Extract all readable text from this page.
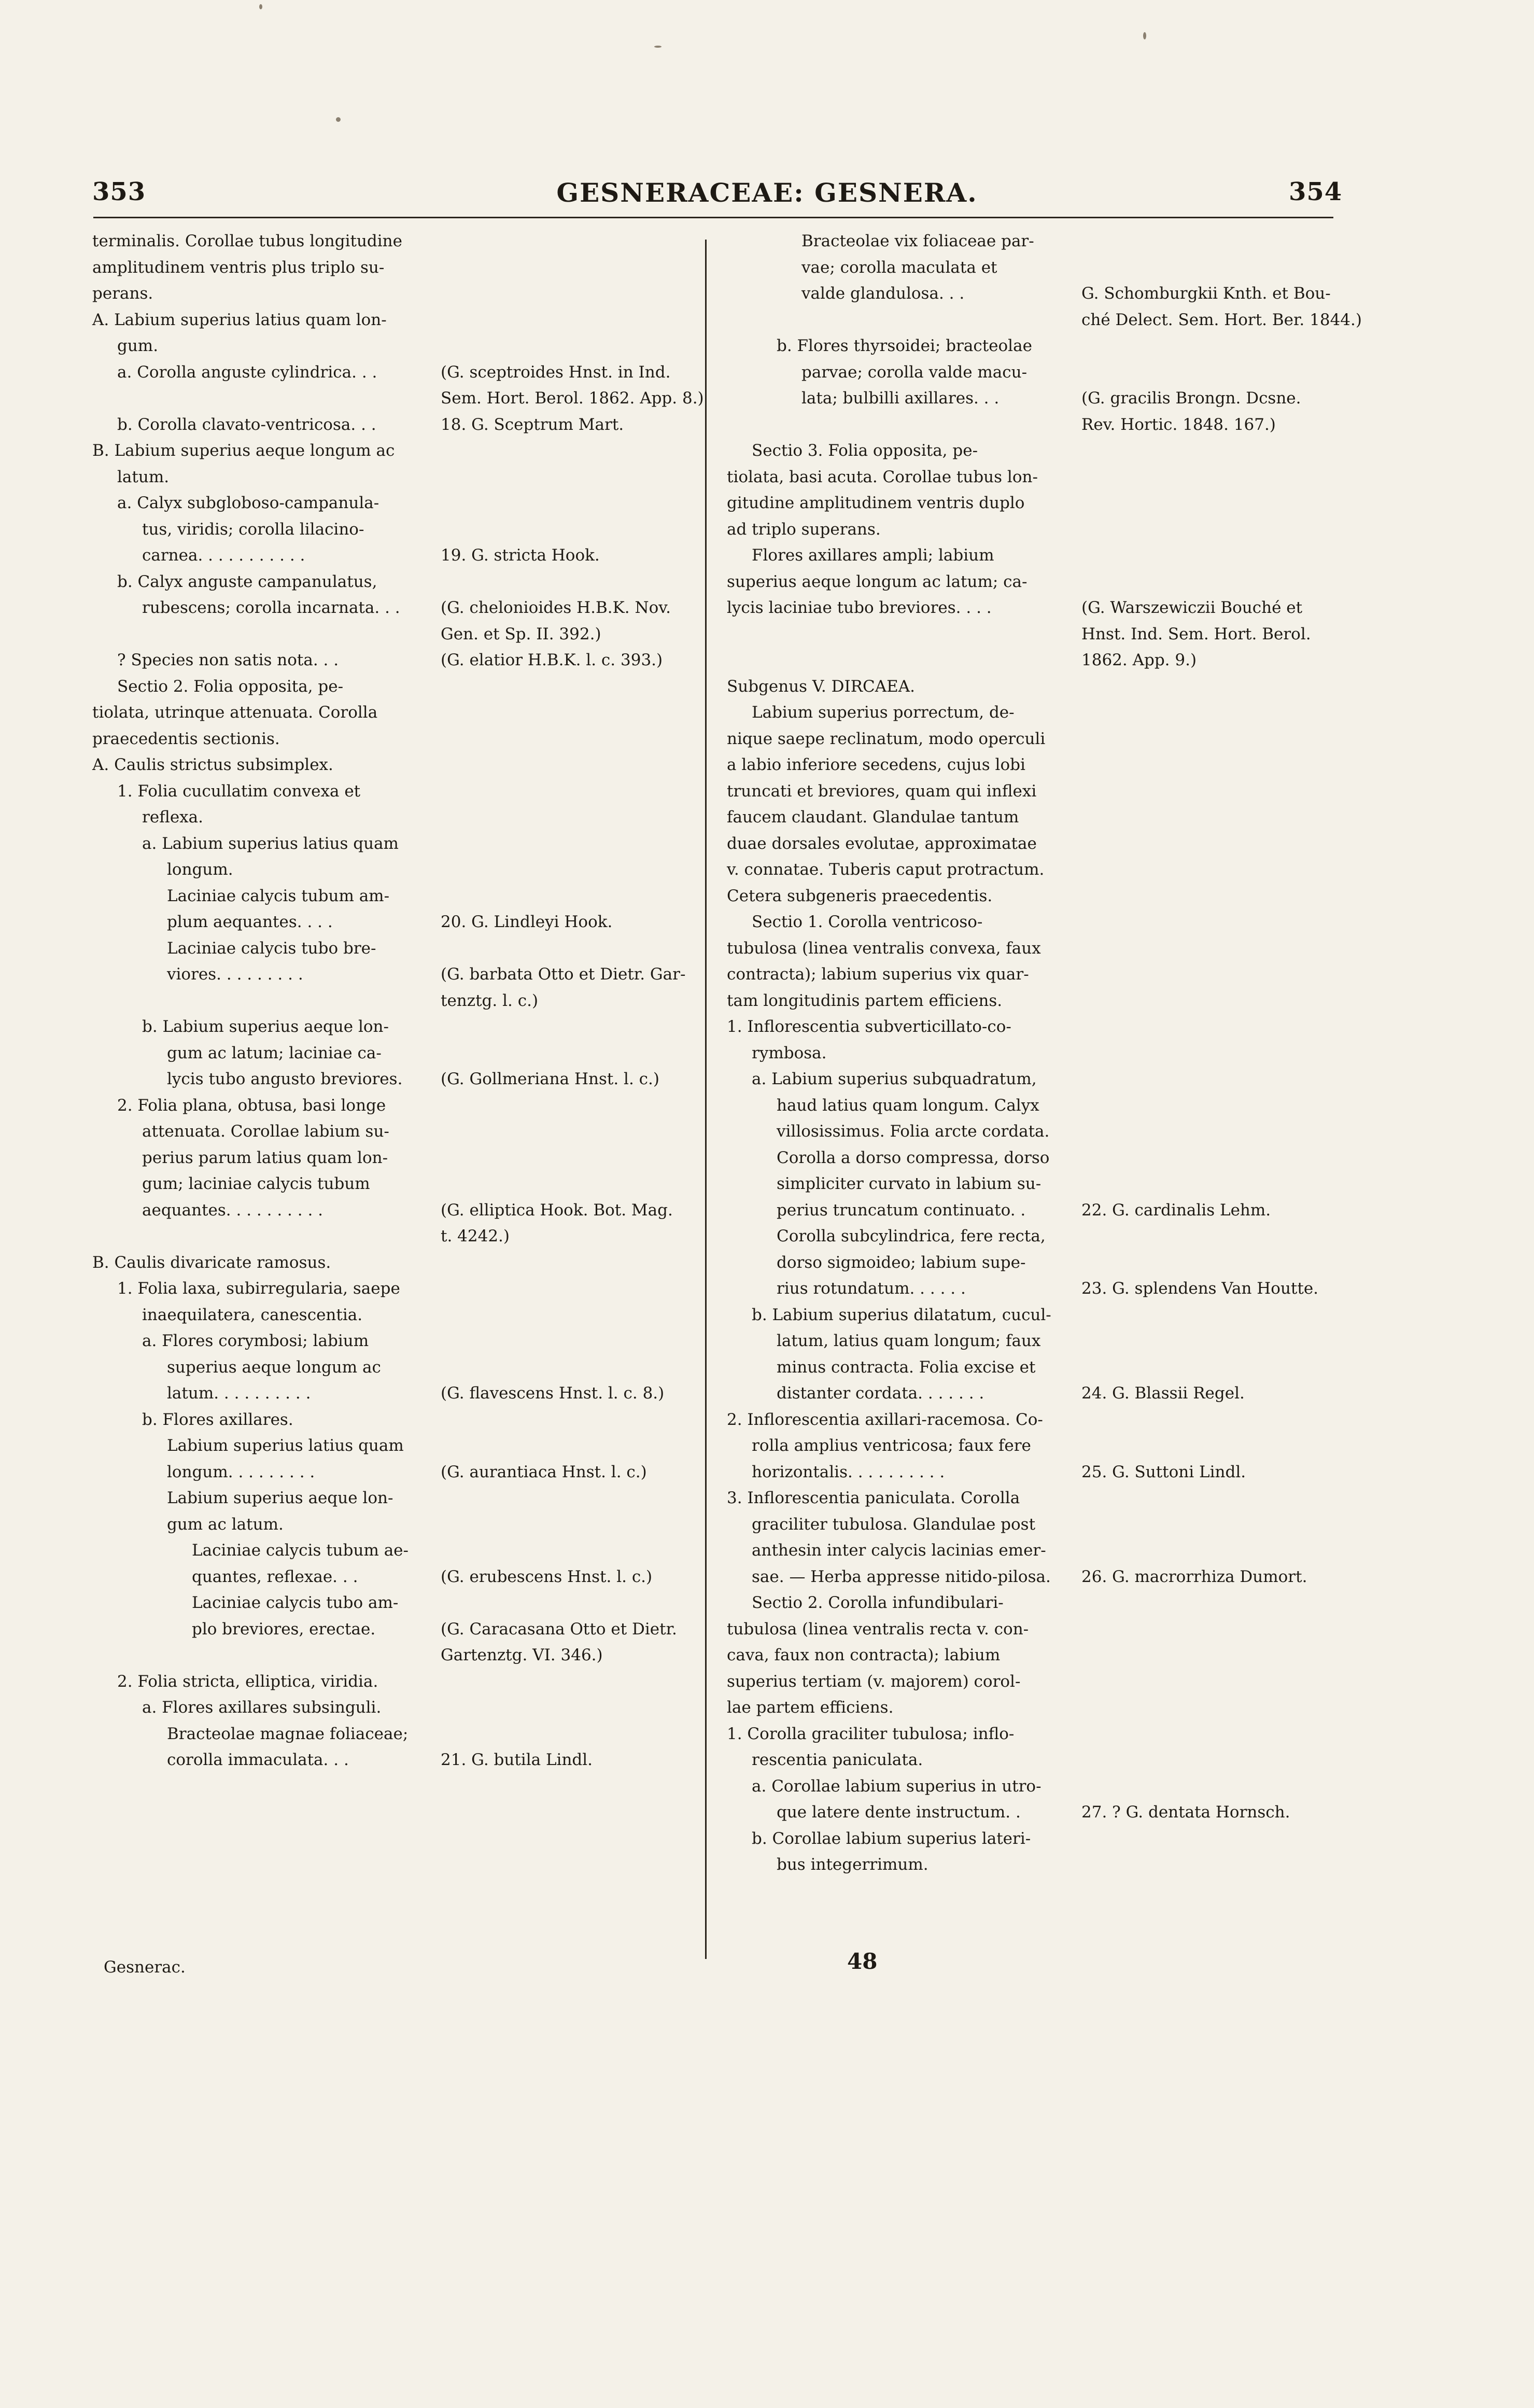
353	GESNERACEAE: GESNERA.	354
terminalis. Corollae tubus longitudine
amplitudinem ventris plus triplo su-
perans.
A. Labium superius latius quam lon-
gum.
a. Corolla anguste cylindrica. . .	(G. sceptroides Hnst. in Ind.
Sem. Hort. Berol. 1862. App. 8.)
b. Corolla clavato-ventricosa. . .	18. G. Sceptrum Mart.
B. Labium superius aeque longum ac
latum.
a. Calyx subgloboso-campanula-
tus, viridis; corolla lilacino-
carnea. . . . . . . . . . .	19. G. stricta Hook.
b. Calyx anguste campanulatus,
rubescens; corolla incarnata. . .	(G. chelonioides H.B.K. Nov.
Gen. et Sp. II. 392.)
? Species non satis nota. . .	(G. elatior H.B.K. l. c. 393.)
Sectio 2. Folia opposita, pe-
tiolata, utrinque attenuata. Corolla
praecedentis sectionis.
A. Caulis strictus subsimplex.
1. Folia cucullatim convexa et
reflexa.
a. Labium superius latius quam
longum.
Laciniae calycis tubum am-
plum aequantes. . . .	20. G. Lindleyi Hook.
Laciniae calycis tubo bre-
viores. . . . . . . . .	(G. barbata Otto et Dietr. Gar-
tenztg. l. c.)
b. Labium superius aeque lon-
gum ac latum; laciniae ca-
lycis tubo angusto breviores. (G. Gollmeriana Hnst. l. c.)
2. Folia plana, obtusa, basi longe
attenuata. Corollae labium su-
perius parum latius quam lon-
gum; laciniae calycis tubum
aequantes. . . . . . . . . .	(G. elliptica Hook. Bot. Mag.
t. 4242.)
B. Caulis divaricate ramosus.
1. Folia laxa, subirregularia, saepe
inaequilatera, canescentia.
a. Flores corymbosi; labium
superius aeque longum ac
latum. . . . . . . . . .	(G. flavescens Hnst. l. c. 8.)
b. Flores axillares.
Labium superius latius quam
longum. . . . . . . . .	(G. aurantiaca Hnst. l. c.)
Labium superius aeque lon-
gum ac latum.
Laciniae calycis tubum ae-
quantes, reflexae. . .	(G. erubescens Hnst. l. c.)
Laciniae calycis tubo am-
plo breviores, erectae.	(G. Caracasana Otto et Dietr.
Gartenztg. VI. 346.)
2. Folia stricta, elliptica, viridia.
a. Flores axillares subsinguli.
Bracteolae magnae foliaceae;
corolla immaculata. . .	21. G. butila Lindl.
Bracteolae vix foliaceae par-
vae; corolla maculata et
valde glandulosa. . .	G. Schomburgkii Knth. et Bou-
ché Delect. Sem. Hort. Ber. 1844.)
b. Flores thyrsoidei; bracteolae
parvae; corolla valde macu-
lata; bulbilli axillares. . .	(G. gracilis Brongn. Dcsne.
Rev. Hortic. 1848. 167.)
Sectio 3. Folia opposita, pe-
tiolata, basi acuta. Corollae tubus lon-
gitudine amplitudinem ventris duplo
ad triplo superans.
Flores axillares ampli; labium
superius aeque longum ac latum; ca-
lycis laciniae tubo breviores. . . .	(G. Warszewiczii Bouché et
Hnst. Ind. Sem. Hort. Berol.
1862. App. 9.)
Subgenus V. DIRCAEA.
Labium superius porrectum, de-
nique saepe reclinatum, modo operculi
a labio inferiore secedens, cujus lobi
truncati et breviores, quam qui inflexi
faucem claudant. Glandulae tantum
duae dorsales evolutae, approximatae
v. connatae. Tuberis caput protractum.
Cetera subgeneris praecedentis.
Sectio 1. Corolla ventricoso-
tubulosa (linea ventralis convexa, faux
contracta); labium superius vix quar-
tam longitudinis partem efficiens.
1. Inflorescentia subverticillato-co-
rymbosa.
a. Labium superius subquadratum,
haud latius quam longum. Calyx
villosissimus. Folia arcte cordata.
Corolla a dorso compressa, dorso
simpliciter curvato in labium su-
perius truncatum continuato. .	22. G. cardinalis Lehm.
Corolla subcylindrica, fere recta,
dorso sigmoideo; labium supe-
rius rotundatum. . . . . .	23. G. splendens Van Houtte.
b. Labium superius dilatatum, cucul-
latum, latius quam longum; faux
minus contracta. Folia excise et
distanter cordata. . . . . . .	24. G. Blassii Regel.
2. Inflorescentia axillari-racemosa. Co-
rolla amplius ventricosa; faux fere
horizontalis. . . . . . . . . .	25. G. Suttoni Lindl.
3. Inflorescentia paniculata. Corolla
graciliter tubulosa. Glandulae post
anthesin inter calycis lacinias emer-
sae. — Herba appresse nitido-pilosa. 26. G. macrorrhiza Dumort.
Sectio 2. Corolla infundibulari-
tubulosa (linea ventralis recta v. con-
cava, faux non contracta); labium
superius tertiam (v. majorem) corol-
lae partem efficiens.
1. Corolla graciliter tubulosa; inflo-
rescentia paniculata.
a. Corollae labium superius in utro-
que latere dente instructum. .	27. ? G. dentata Hornsch.
b. Corollae labium superius lateri-
bus integerrimum.
Gesnerac.	48
